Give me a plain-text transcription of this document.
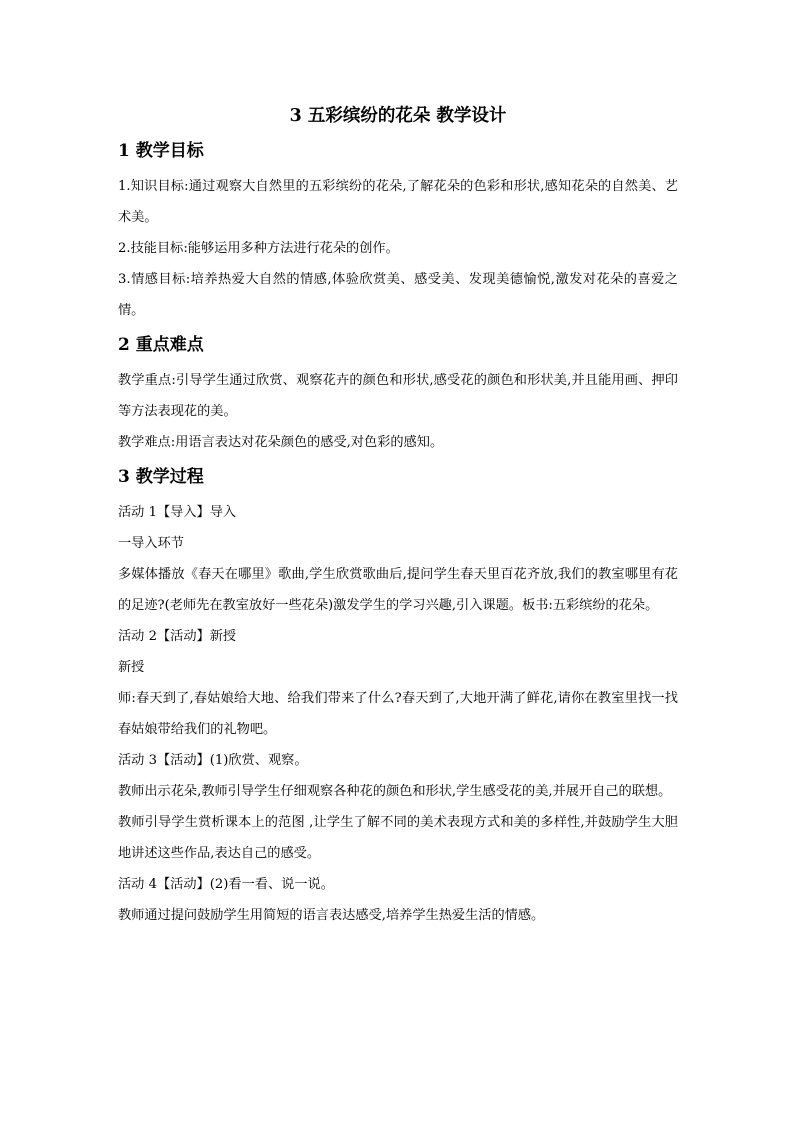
3 五彩缤纷的花朵 教学设计
1 教学目标

1.知识目标:通过观察大自然里的五彩缤纷的花朵,了解花朵的色彩和形状,感知花朵的自然美、艺术美。

2.技能目标:能够运用多种方法进行花朵的创作。

3.情感目标:培养热爱大自然的情感,体验欣赏美、感受美、发现美德愉悦,激发对花朵的喜爱之情。

2 重点难点

教学重点:引导学生通过欣赏、观察花卉的颜色和形状,感受花的颜色和形状美,并且能用画、押印等方法表现花的美。

教学难点:用语言表达对花朵颜色的感受,对色彩的感知。

3 教学过程

活动 1【导入】导入

一导入环节

多媒体播放《春天在哪里》歌曲,学生欣赏歌曲后,提问学生春天里百花齐放,我们的教室哪里有花的足迹?(老师先在教室放好一些花朵)激发学生的学习兴趣,引入课题。板书:五彩缤纷的花朵。

活动 2【活动】新授

新授

师:春天到了,春姑娘给大地、给我们带来了什么?春天到了,大地开满了鲜花,请你在教室里找一找春姑娘带给我们的礼物吧。

活动 3【活动】(1)欣赏、观察。

教师出示花朵,教师引导学生仔细观察各种花的颜色和形状,学生感受花的美,并展开自己的联想。

教师引导学生赏析课本上的范图 ,让学生了解不同的美术表现方式和美的多样性,并鼓励学生大胆地讲述这些作品,表达自己的感受。

活动 4【活动】(2)看一看、说一说。

教师通过提问鼓励学生用简短的语言表达感受,培养学生热爱生活的情感。
